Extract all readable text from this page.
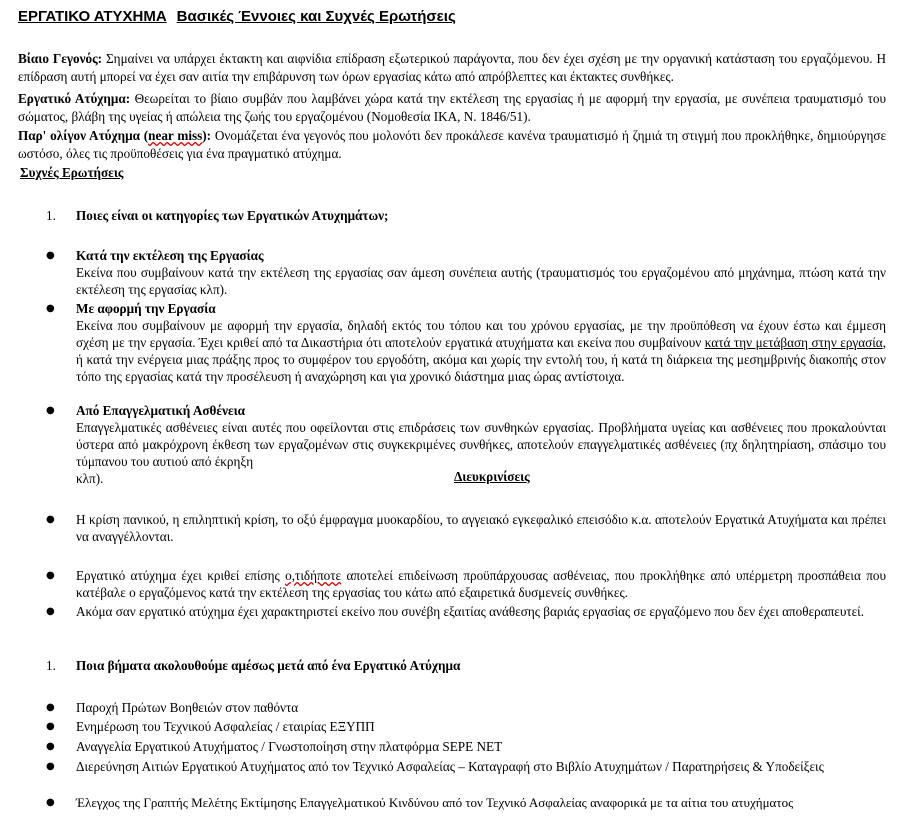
ΕΡΓΑΤΙΚΟ ΑΤΥΧΗΜΑ Βασικές Έννοιες και Συχνές Ερωτήσεις
Βίαιο Γεγονός: Σημαίνει να υπάρχει έκτακτη και αιφνίδια επίδραση εξωτερικού παράγοντα, που δεν έχει σχέση με την οργανική κατάσταση του εργαζόμενου. Η επίδραση αυτή μπορεί να έχει σαν αιτία την επιβάρυνση των όρων εργασίας κάτω από απρόβλεπτες και έκτακτες συνθήκες.
Εργατικό Ατύχημα: Θεωρείται το βίαιο συμβάν που λαμβάνει χώρα κατά την εκτέλεση της εργασίας ή με αφορμή την εργασία, με συνέπεια τραυματισμό του σώματος, βλάβη της υγείας ή απώλεια της ζωής του εργαζομένου (Νομοθεσία ΙΚΑ, Ν. 1846/51).
Παρ' ολίγον Ατύχημα (near miss): Ονομάζεται ένα γεγονός που μολονότι δεν προκάλεσε κανένα τραυματισμό ή ζημιά τη στιγμή που προκλήθηκε, δημιούργησε ωστόσο, όλες τις προϋποθέσεις για ένα πραγματικό ατύχημα.
Συχνές Ερωτήσεις
1. Ποιες είναι οι κατηγορίες των Εργατικών Ατυχημάτων;
● Κατά την εκτέλεση της Εργασίας
Εκείνα που συμβαίνουν κατά την εκτέλεση της εργασίας σαν άμεση συνέπεια αυτής (τραυματισμός του εργαζομένου από μηχάνημα, πτώση κατά την εκτέλεση της εργασίας κλπ).
● Με αφορμή την Εργασία
Εκείνα που συμβαίνουν με αφορμή την εργασία, δηλαδή εκτός του τόπου και του χρόνου εργασίας, με την προϋπόθεση να έχουν έστω και έμμεση σχέση με την εργασία. Έχει κριθεί από τα Δικαστήρια ότι αποτελούν εργατικά ατυχήματα και εκείνα που συμβαίνουν κατά την μετάβαση στην εργασία, ή κατά την ενέργεια μιας πράξης προς το συμφέρον του εργοδότη, ακόμα και χωρίς την εντολή του, ή κατά τη διάρκεια της μεσημβρινής διακοπής στον τόπο της εργασίας κατά την προσέλευση ή αναχώρηση και για χρονικό διάστημα μιας ώρας αντίστοιχα.
● Από Επαγγελματική Ασθένεια
Επαγγελματικές ασθένειες είναι αυτές που οφείλονται στις επιδράσεις των συνθηκών εργασίας. Προβλήματα υγείας και ασθένειες που προκαλούνται ύστερα από μακρόχρονη έκθεση των εργαζομένων στις συγκεκριμένες συνθήκες, αποτελούν επαγγελματικές ασθένειες (πχ δηλητηρίαση, σπάσιμο του τύμπανου του αυτιού από έκρηξη
κλπ).	Διευκρινίσεις
● Η κρίση πανικού, η επιληπτική κρίση, το οξύ έμφραγμα μυοκαρδίου, το αγγειακό εγκεφαλικό επεισόδιο κ.α. αποτελούν Εργατικά Ατυχήματα και πρέπει να αναγγέλλονται.
● Εργατικό ατύχημα έχει κριθεί επίσης ο,τιδήποτε αποτελεί επιδείνωση προϋπάρχουσας ασθένειας, που προκλήθηκε από υπέρμετρη προσπάθεια που κατέβαλε ο εργαζόμενος κατά την εκτέλεση της εργασίας του κάτω από εξαιρετικά δυσμενείς συνθήκες.
● Ακόμα σαν εργατικό ατύχημα έχει χαρακτηριστεί εκείνο που συνέβη εξαιτίας ανάθεσης βαριάς εργασίας σε εργαζόμενο που δεν έχει αποθεραπευτεί.
1. Ποια βήματα ακολουθούμε αμέσως μετά από ένα Εργατικό Ατύχημα
● Παροχή Πρώτων Βοηθειών στον παθόντα
● Ενημέρωση του Τεχνικού Ασφαλείας / εταιρίας ΕΞΥΠΠ
● Αναγγελία Εργατικού Ατυχήματος / Γνωστοποίηση στην πλατφόρμα SEPE NET
● Διερεύνηση Αιτιών Εργατικού Ατυχήματος από τον Τεχνικό Ασφαλείας – Καταγραφή στο Βιβλίο Ατυχημάτων / Παρατηρήσεις & Υποδείξεις
● Έλεγχος της Γραπτής Μελέτης Εκτίμησης Επαγγελματικού Κινδύνου από τον Τεχνικό Ασφαλείας αναφορικά με τα αίτια του ατυχήματος
